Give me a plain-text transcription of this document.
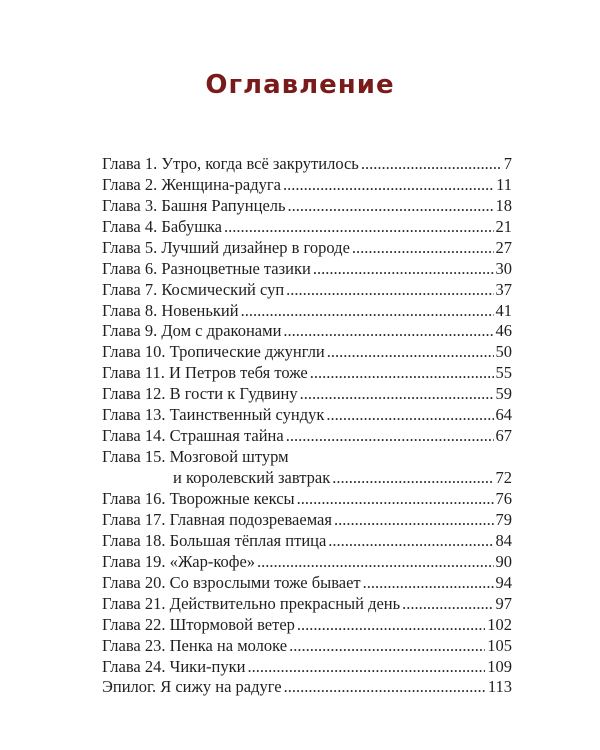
Оглавление
Глава 1. Утро, когда всё закрутилось .....	7
Глава 2. Женщина-радуга .....	11
Глава 3. Башня Рапунцель .....	18
Глава 4. Бабушка .....	21
Глава 5. Лучший дизайнер в городе .....	27
Глава 6. Разноцветные тазики .....	30
Глава 7. Космический суп .....	37
Глава 8. Новенький .....	41
Глава 9. Дом с драконами .....	46
Глава 10. Тропические джунгли .....	50
Глава 11. И Петров тебя тоже .....	55
Глава 12. В гости к Гудвину .....	59
Глава 13. Таинственный сундук .....	64
Глава 14. Страшная тайна .....	67
Глава 15. Мозговой штурм
и королевский завтрак .....	72
Глава 16. Творожные кексы .....	76
Глава 17. Главная подозреваемая .....	79
Глава 18. Большая тёплая птица .....	84
Глава 19. «Жар-кофе» .....	90
Глава 20. Со взрослыми тоже бывает .....	94
Глава 21. Действительно прекрасный день .....	97
Глава 22. Штормовой ветер .....	102
Глава 23. Пенка на молоке .....	105
Глава 24. Чики-пуки .....	109
Эпилог. Я сижу на радуге .....	113
